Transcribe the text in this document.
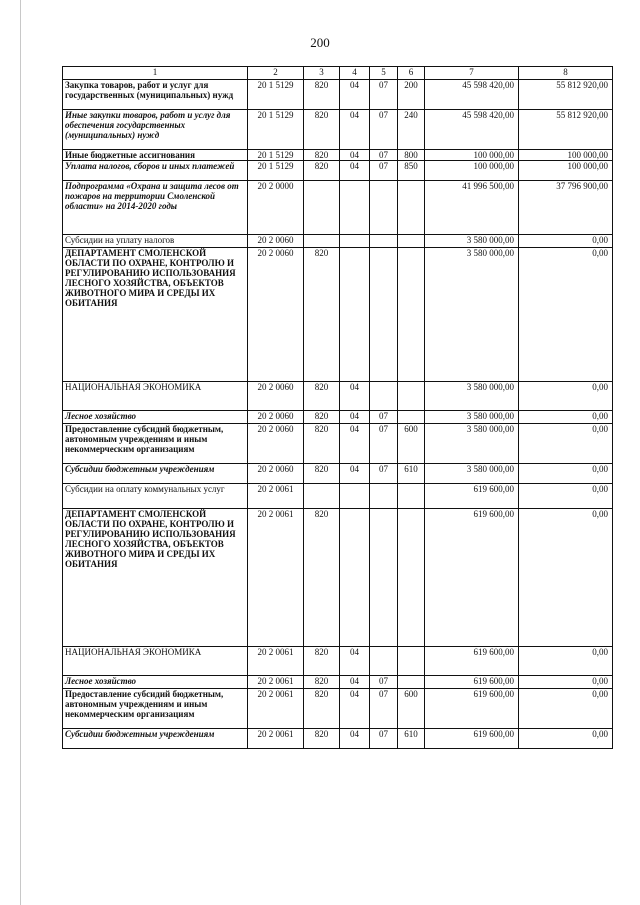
200
1	2	3	4	5	6	7	8
Закупка товаров, работ и услуг для государственных (муниципальных) нужд	20 1 5129	820	04	07	200	45 598 420,00	55 812 920,00
Иные закупки товаров, работ и услуг для обеспечения государственных (муниципальных) нужд	20 1 5129	820	04	07	240	45 598 420,00	55 812 920,00
Иные бюджетные ассигнования	20 1 5129	820	04	07	800	100 000,00	100 000,00
Уплата налогов, сборов и иных платежей	20 1 5129	820	04	07	850	100 000,00	100 000,00
Подпрограмма «Охрана и защита лесов от пожаров на территории Смоленской области» на 2014-2020 годы	20 2 0000					41 996 500,00	37 796 900,00
Субсидии на уплату налогов	20 2 0060					3 580 000,00	0,00
ДЕПАРТАМЕНТ СМОЛЕНСКОЙ ОБЛАСТИ ПО ОХРАНЕ, КОНТРОЛЮ И РЕГУЛИРОВАНИЮ ИСПОЛЬЗОВАНИЯ ЛЕСНОГО ХОЗЯЙСТВА, ОБЪЕКТОВ ЖИВОТНОГО МИРА И СРЕДЫ ИХ ОБИТАНИЯ	20 2 0060	820				3 580 000,00	0,00
НАЦИОНАЛЬНАЯ ЭКОНОМИКА	20 2 0060	820	04			3 580 000,00	0,00
Лесное хозяйство	20 2 0060	820	04	07		3 580 000,00	0,00
Предоставление субсидий бюджетным, автономным учреждениям и иным некоммерческим организациям	20 2 0060	820	04	07	600	3 580 000,00	0,00
Субсидии бюджетным учреждениям	20 2 0060	820	04	07	610	3 580 000,00	0,00
Субсидии на оплату коммунальных услуг	20 2 0061					619 600,00	0,00
ДЕПАРТАМЕНТ СМОЛЕНСКОЙ ОБЛАСТИ ПО ОХРАНЕ, КОНТРОЛЮ И РЕГУЛИРОВАНИЮ ИСПОЛЬЗОВАНИЯ ЛЕСНОГО ХОЗЯЙСТВА, ОБЪЕКТОВ ЖИВОТНОГО МИРА И СРЕДЫ ИХ ОБИТАНИЯ	20 2 0061	820				619 600,00	0,00
НАЦИОНАЛЬНАЯ ЭКОНОМИКА	20 2 0061	820	04			619 600,00	0,00
Лесное хозяйство	20 2 0061	820	04	07		619 600,00	0,00
Предоставление субсидий бюджетным, автономным учреждениям и иным некоммерческим организациям	20 2 0061	820	04	07	600	619 600,00	0,00
Субсидии бюджетным учреждениям	20 2 0061	820	04	07	610	619 600,00	0,00
